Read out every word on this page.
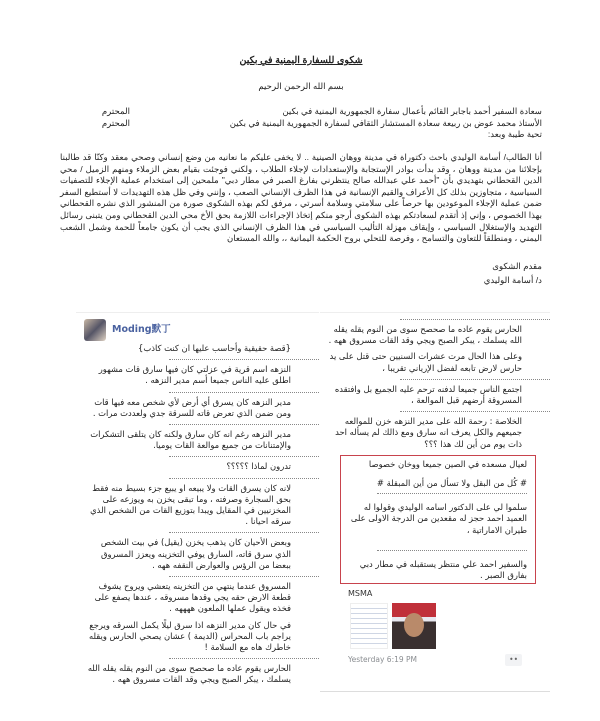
شكوى للسفارة اليمنية في بكين
بسم الله الرحمن الرحيم
سعادة السفير أحمد باجابر القائم بأعمال سفارة الجمهورية اليمنية في بكين
المحترم
الأستاذ محمد عوض بن ربيعة سعادة المستشار الثقافي لسفارة الجمهورية اليمنية في بكين
المحترم
تحية طيبة وبعد:
أنا الطالب/ أسامة الوليدي باحث دكتوراة في مدينة ووهان الصينية .. لا يخفى عليكم ما نعانيه من وضع إنساني وصحي معقد وكنّا قد طالبنا بإجلائنا من مدينة ووهان ، وقد بدأت بوادر الإستجابة والإستعدادات لإجلاء الطلاب ، ولكني فوجئت بقيام بعض الزملاء ومنهم الزميل / محي الدين القحطاني بتهديدي بأن "أحمد علي عبدالله صالح ينتظرني بفارغ الصبر في مطار دبي" ملمحين إلى استخدام عملية الإجلاء للتصفيات السياسية ، متجاوزين بذلك كل الأعراف والقيم الإنسانية في هذا الظرف الإنساني الصعب ، وإنني وفي ظل هذه التهديدات لا أستطيع السفر ضمن عملية الإجلاء الموعودين بها حرصاً على سلامتي وسلامة أسرتي ، مرفق لكم بهذه الشكوى صورة من المنشور الذي نشره القحطاني بهذا الخصوص ، وإني إذ أتقدم لسعادتكم بهذه الشكوى أرجو منكم إتخاذ الإجراءات اللازمة بحق الأخ محي الدين القحطاني ومن يتبنى رسائل التهديد والإستغلال السياسي ، وإيقاف مهزلة التأليب السياسي في هذا الظرف الإنساني الذي يجب أن يكون جامعاً للحمة وشمل الشعب اليمني ، ومنطلقاً للتعاون والتسامح ، وفرصة للتحلي بروح الحكمة اليمانية ،، والله المستعان
مقدم الشكوى
د/ أسامة الوليدي
Moding默丁
{قصة حقيقية وأحاسب عليها ان كنت كاذب}
النزهه اسم قرية في عزلتي كان فيها سارق قات مشهور اطلق عليه الناس جميعا أسم مدير النزهه .
مدير النزهه كان يسرق أي أرض لأي شخص معه فيها قات ومن ضمن الذي تعرض قاته للسرقة جدي ولعددت مرات .
مدير النزهه رغم انه كان سارق ولكنه كان يتلقى التشكرات والإمتنانات من جميع موالعة القات يوميا.
تدرون لماذا ؟؟؟؟؟
لانه كان يسرق القات ولا يبيعه او يبيع جزء بسيط منه فقط بحق السجارة وصرفته ، وما تبقى يخزن به ويوزعه على المخزنيين في المقايل ويبدا بتوزيع القات من الشخص الذي سرقه احيانا .
وبعض الأحيان كان يذهب يخزن (يقيل) في بيت الشخص الذي سرق قاته، السارق يوفي التخزينه ويعزز المسروق ببعضا من الرؤس والعوارض النقفه ههه .
المسروق عندما ينتهي من التخزينه يتعشي ويروح يشوف قطعة الارض حقه يجي وقدها مسروقه ، عندها يصفع على فخذه ويقول عملها الملعون ههههه .
في حال كان مدير النزهه اذا سرق ليلًا يكمل السرقه ويرجع يراجم باب المحراس (الديمة ) عشان يصحي الحارس ويقله خاطرك هاه مع السلامة !
الحارس يقوم عاده ما صحصح سوى من النوم يقله يقله الله يسلمك ، يبكر الصبح ويجي وقد القات مسروق ههه .
الحارس يقوم عاده ما صحصح سوى من النوم يقله يقله الله يسلمك ، يبكر الصبح ويجي وقد القات مسروق ههه .
وعلى هذا الحال مرت عشرات السنيين حتى قتل على يد حارس لارض تابعه لفضل الإرياني تقريبا ،
اجتمع الناس جميعا لدفنه ترحم عليه الجميع بل وافتقده المسروقة أرضهم قبل الموالعة ،
الخلاصة : رحمة الله على مدير النزهه خزن للموالعه جميعهم والكل يعرف انه سارق ومع ذالك لم يسأله احد ذات يوم من أين لك هذا ؟؟؟
لعيال مسعده في الصين جميعا ووخان خصوصا
# كُل من البقل ولا تسأل من أين المبقلة #
سلموا لي على الدكتور اسامه الوليدي وقولوا له العميد احمد حجز له مقعدين من الدرجة الاولى على طيران الاماراتية ،
والسفير احمد علي منتظر يستقبله في مطار دبي بفارق الصبر .
MSMA
Yesterday 6:19 PM	••
